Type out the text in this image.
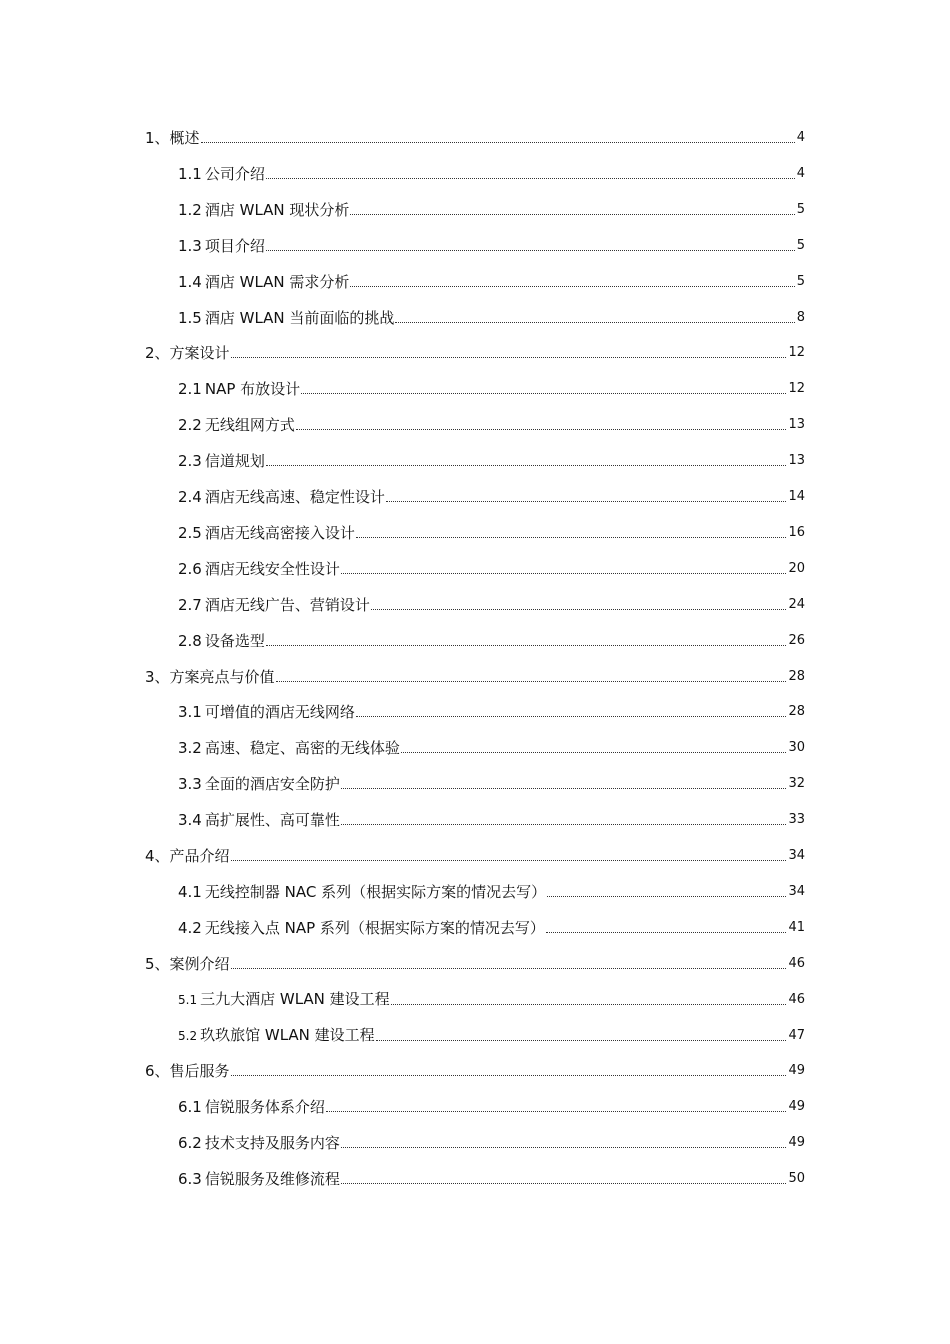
1、概述	4
1.1 公司介绍	4
1.2 酒店 WLAN 现状分析	5
1.3 项目介绍	5
1.4 酒店 WLAN 需求分析	5
1.5 酒店 WLAN 当前面临的挑战	8
2、方案设计	12
2.1 NAP 布放设计	12
2.2 无线组网方式	13
2.3 信道规划	13
2.4 酒店无线高速、稳定性设计	14
2.5 酒店无线高密接入设计	16
2.6 酒店无线安全性设计	20
2.7 酒店无线广告、营销设计	24
2.8 设备选型	26
3、方案亮点与价值	28
3.1 可增值的酒店无线网络	28
3.2 高速、稳定、高密的无线体验	30
3.3 全面的酒店安全防护	32
3.4 高扩展性、高可靠性	33
4、产品介绍	34
4.1 无线控制器 NAC 系列（根据实际方案的情况去写）	34
4.2 无线接入点 NAP 系列（根据实际方案的情况去写）	41
5、案例介绍	46
5.1 三九大酒店 WLAN 建设工程	46
5.2 玖玖旅馆 WLAN 建设工程	47
6、售后服务	49
6.1 信锐服务体系介绍	49
6.2 技术支持及服务内容	49
6.3 信锐服务及维修流程	50
